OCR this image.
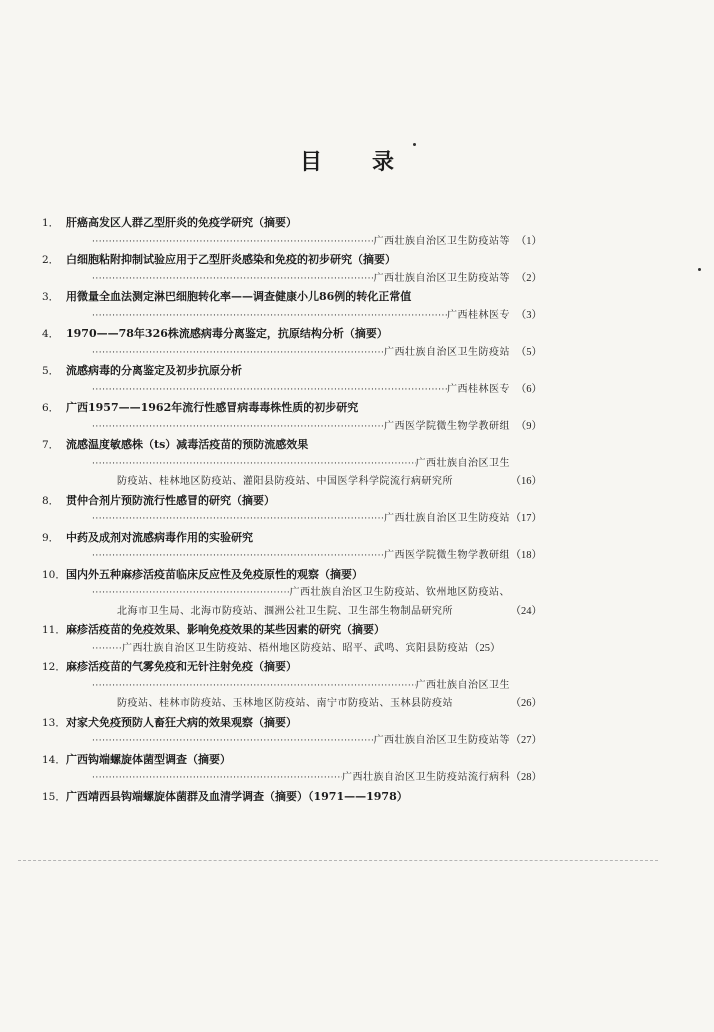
目录
1． 肝癌高发区人群乙型肝炎的免疫学研究（摘要）
·····
广西壮族自治区卫生防疫站等 （1）
2． 白细胞粘附抑制试验应用于乙型肝炎感染和免疫的初步研究（摘要）
·····
广西壮族自治区卫生防疫站等 （2）
3． 用微量全血法测定淋巴细胞转化率——调查健康小儿86例的转化正常值
·····
广西桂林医专 （3）
4． 1970——78年326株流感病毒分离鉴定，抗原结构分析（摘要）
·····
广西壮族自治区卫生防疫站 （5）
5． 流感病毒的分离鉴定及初步抗原分析
·····
广西桂林医专 （6）
6． 广西1957——1962年流行性感冒病毒毒株性质的初步研究
·····
广西医学院微生物学教研组 （9）
7． 流感温度敏感株（ts）减毒活疫苗的预防流感效果
·····
广西壮族自治区卫生
防疫站、桂林地区防疫站、灌阳县防疫站、中国医学科学院流行病研究所	（16）
8． 贯仲合剂片预防流行性感冒的研究（摘要）
·····
广西壮族自治区卫生防疫站 （17）
9． 中药及成剂对流感病毒作用的实验研究
·····
广西医学院微生物学教研组 （18）
10． 国内外五种麻疹活疫苗临床反应性及免疫原性的观察（摘要）
·····
广西壮族自治区卫生防疫站、钦州地区防疫站、
北海市卫生局、北海市防疫站、涠洲公社卫生院、卫生部生物制品研究所	（24）
11． 麻疹活疫苗的免疫效果、影响免疫效果的某些因素的研究（摘要）
·····
广西壮族自治区卫生防疫站、梧州地区防疫站、昭平、武鸣、宾阳县防疫站 （25）
12． 麻疹活疫苗的气雾免疫和无针注射免疫（摘要）
·····
广西壮族自治区卫生
防疫站、桂林市防疫站、玉林地区防疫站、南宁市防疫站、玉林县防疫站	（26）
13． 对家犬免疫预防人畜狂犬病的效果观察（摘要）
·····
广西壮族自治区卫生防疫站等 （27）
14． 广西钩端螺旋体菌型调查（摘要）
·····
广西壮族自治区卫生防疫站流行病科 （28）
15． 广西靖西县钩端螺旋体菌群及血清学调查（摘要）（1971——1978）
